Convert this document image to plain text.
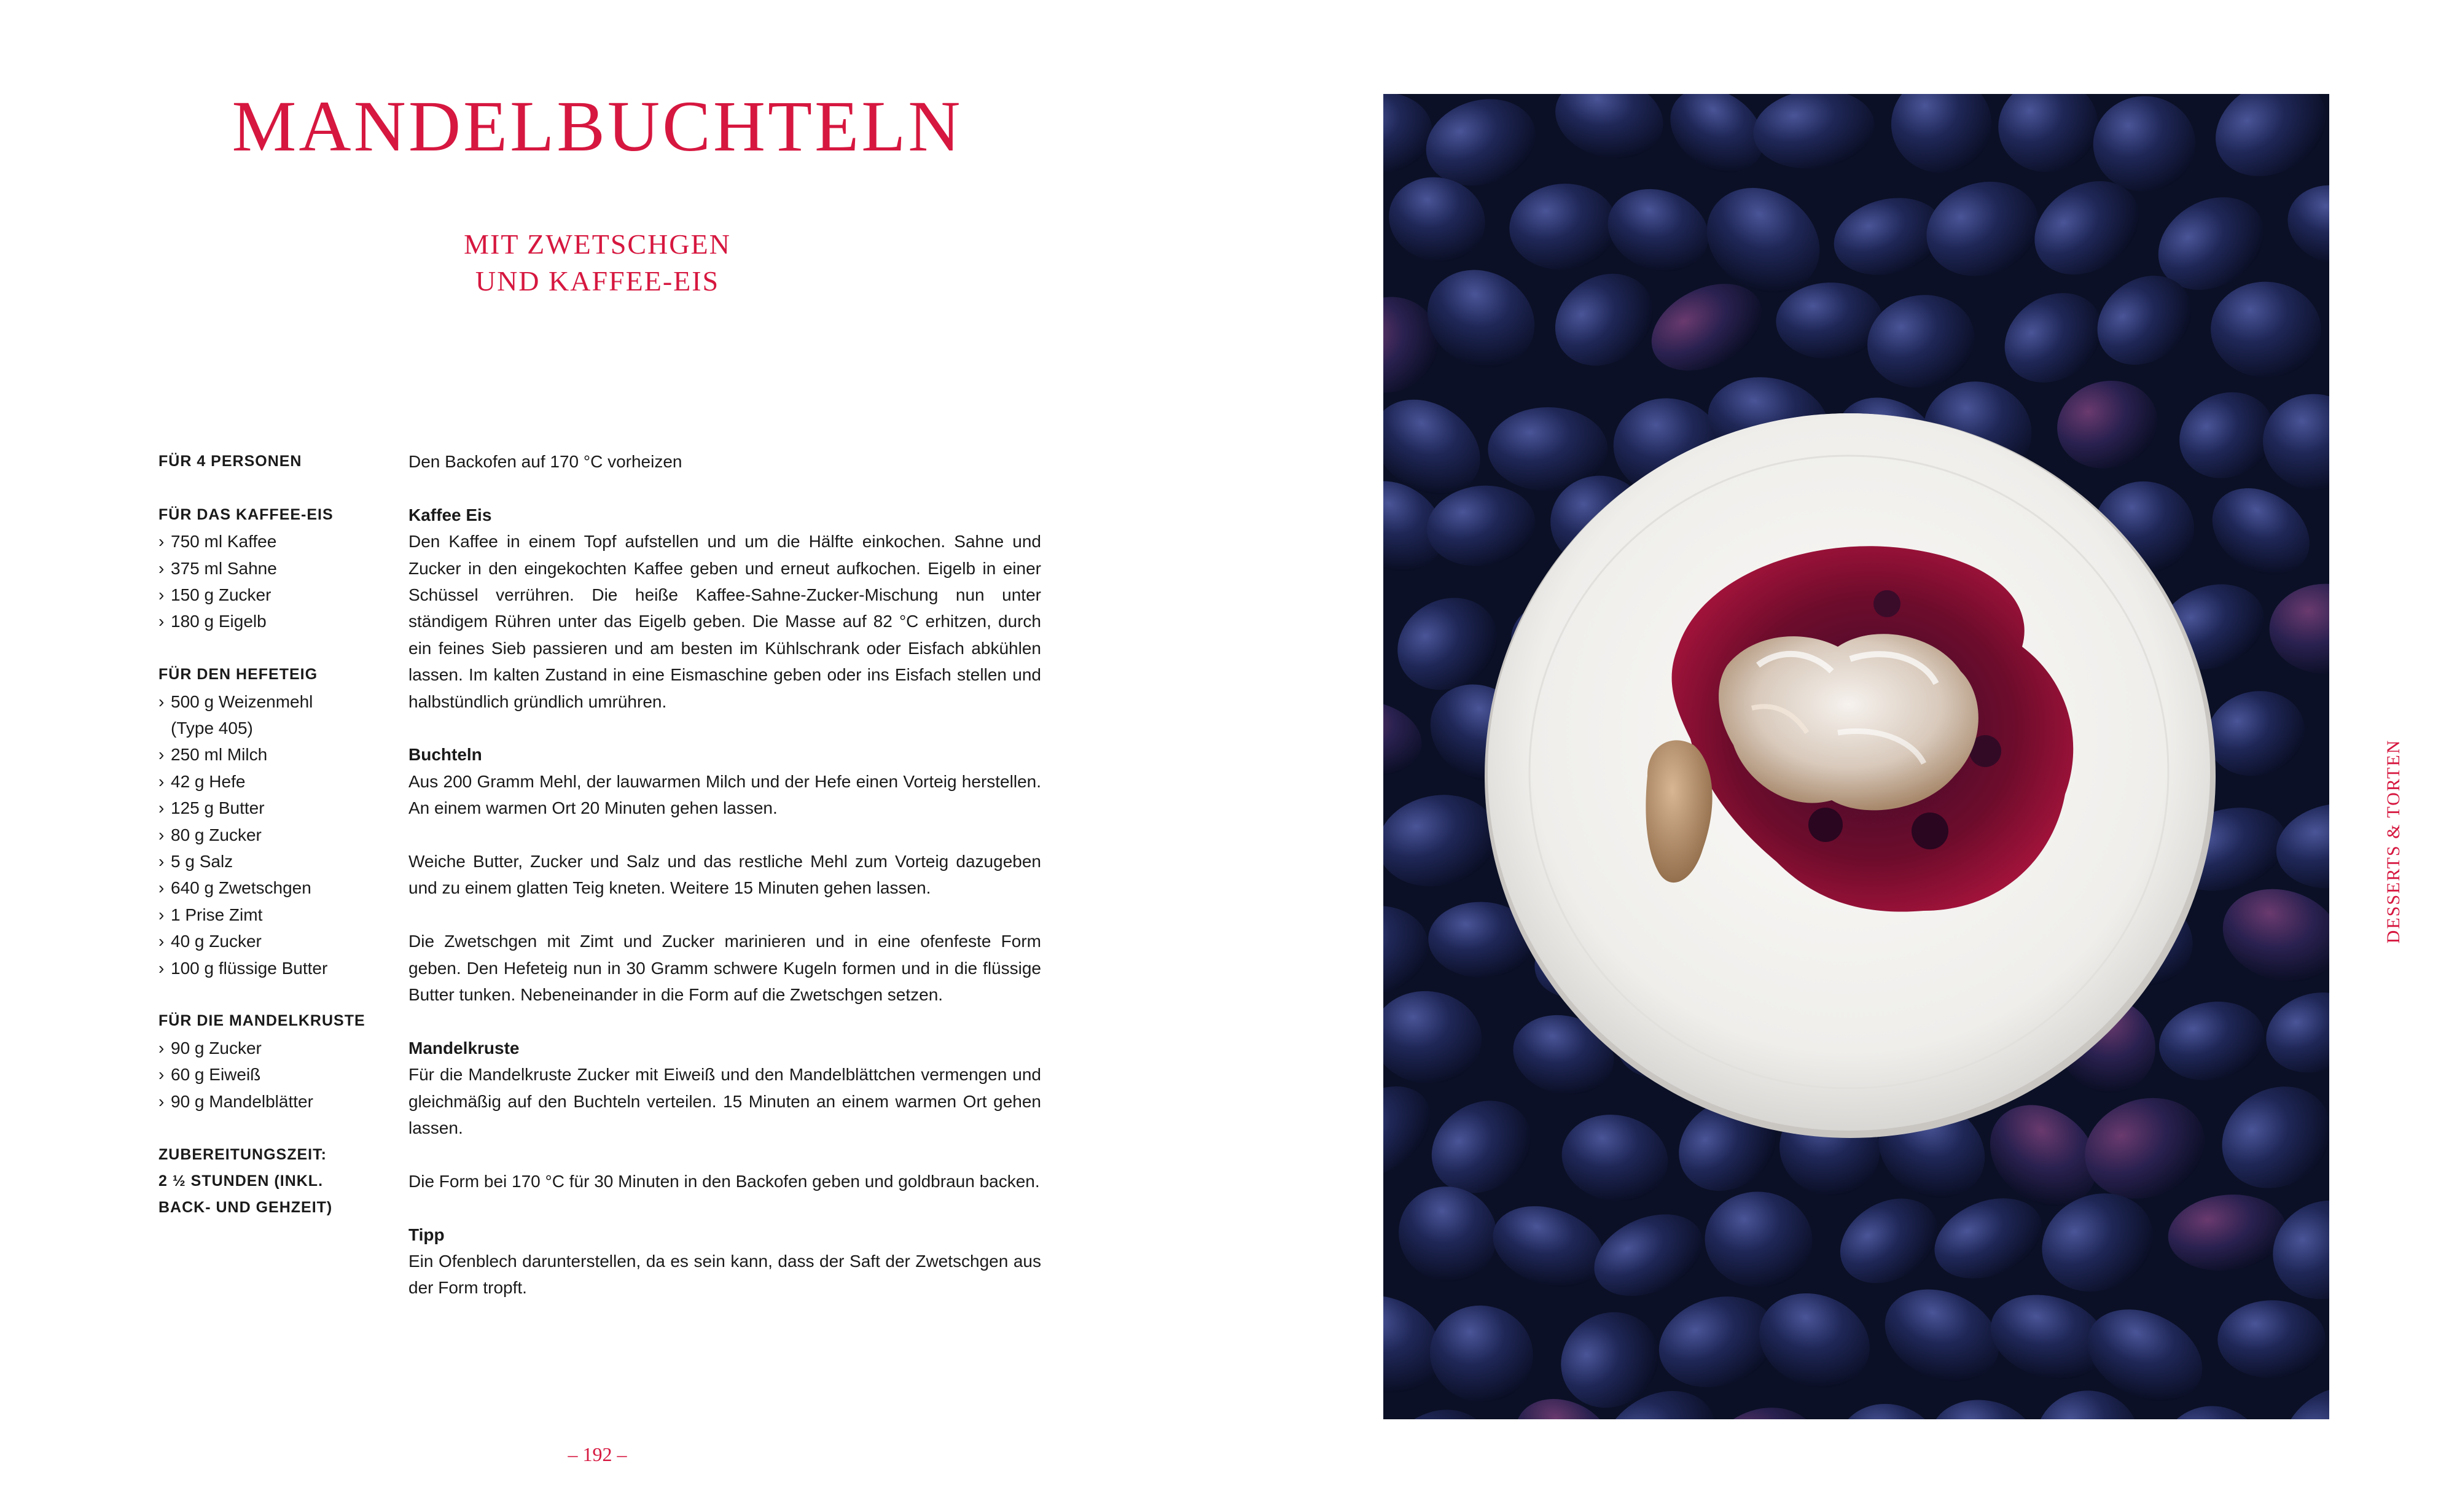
MANDELBUCHTELN
MIT ZWETSCHGEN
UND KAFFEE-EIS
FÜR 4 PERSONEN
FÜR DAS KAFFEE-EIS
› 750 ml Kaffee
› 375 ml Sahne
› 150 g Zucker
› 180 g Eigelb
FÜR DEN HEFETEIG
› 500 g Weizenmehl
(Type 405)
› 250 ml Milch
› 42 g Hefe
› 125 g Butter
› 80 g Zucker
› 5 g Salz
› 640 g Zwetschgen
› 1 Prise Zimt
› 40 g Zucker
› 100 g flüssige Butter
FÜR DIE MANDELKRUSTE
› 90 g Zucker
› 60 g Eiweiß
› 90 g Mandelblätter
ZUBEREITUNGSZEIT:
2 ½ STUNDEN (INKL.
BACK- UND GEHZEIT)

Den Backofen auf 170 °C vorheizen

Kaffee Eis

Den Kaffee in einem Topf aufstellen und um die Hälfte einkochen. Sahne und Zucker in den eingekochten Kaffee geben und erneut aufkochen. Eigelb in einer Schüssel verrühren. Die heiße Kaffee-Sahne-Zucker-Mischung nun unter ständigem Rühren unter das Eigelb geben. Die Masse auf 82 °C erhitzen, durch ein feines Sieb passieren und am besten im Kühlschrank oder Eisfach abkühlen lassen. Im kalten Zustand in eine Eismaschine geben oder ins Eisfach stellen und halbstündlich gründlich umrühren.

Buchteln

Aus 200 Gramm Mehl, der lauwarmen Milch und der Hefe einen Vorteig herstellen. An einem warmen Ort 20 Minuten gehen lassen.

Weiche Butter, Zucker und Salz und das restliche Mehl zum Vorteig dazugeben und zu einem glatten Teig kneten. Weitere 15 Minuten gehen lassen.

Die Zwetschgen mit Zimt und Zucker marinieren und in eine ofenfeste Form geben. Den Hefeteig nun in 30 Gramm schwere Kugeln formen und in die flüssige Butter tunken. Nebeneinander in die Form auf die Zwetschgen setzen.

Mandelkruste

Für die Mandelkruste Zucker mit Eiweiß und den Mandelblättchen vermengen und gleichmäßig auf den Buchteln verteilen. 15 Minuten an einem warmen Ort gehen lassen.

Die Form bei 170 °C für 30 Minuten in den Backofen geben und goldbraun backen.

Tipp

Ein Ofenblech darunterstellen, da es sein kann, dass der Saft der Zwetschgen aus der Form tropft.

– 192 –
DESSERTS & TORTEN
